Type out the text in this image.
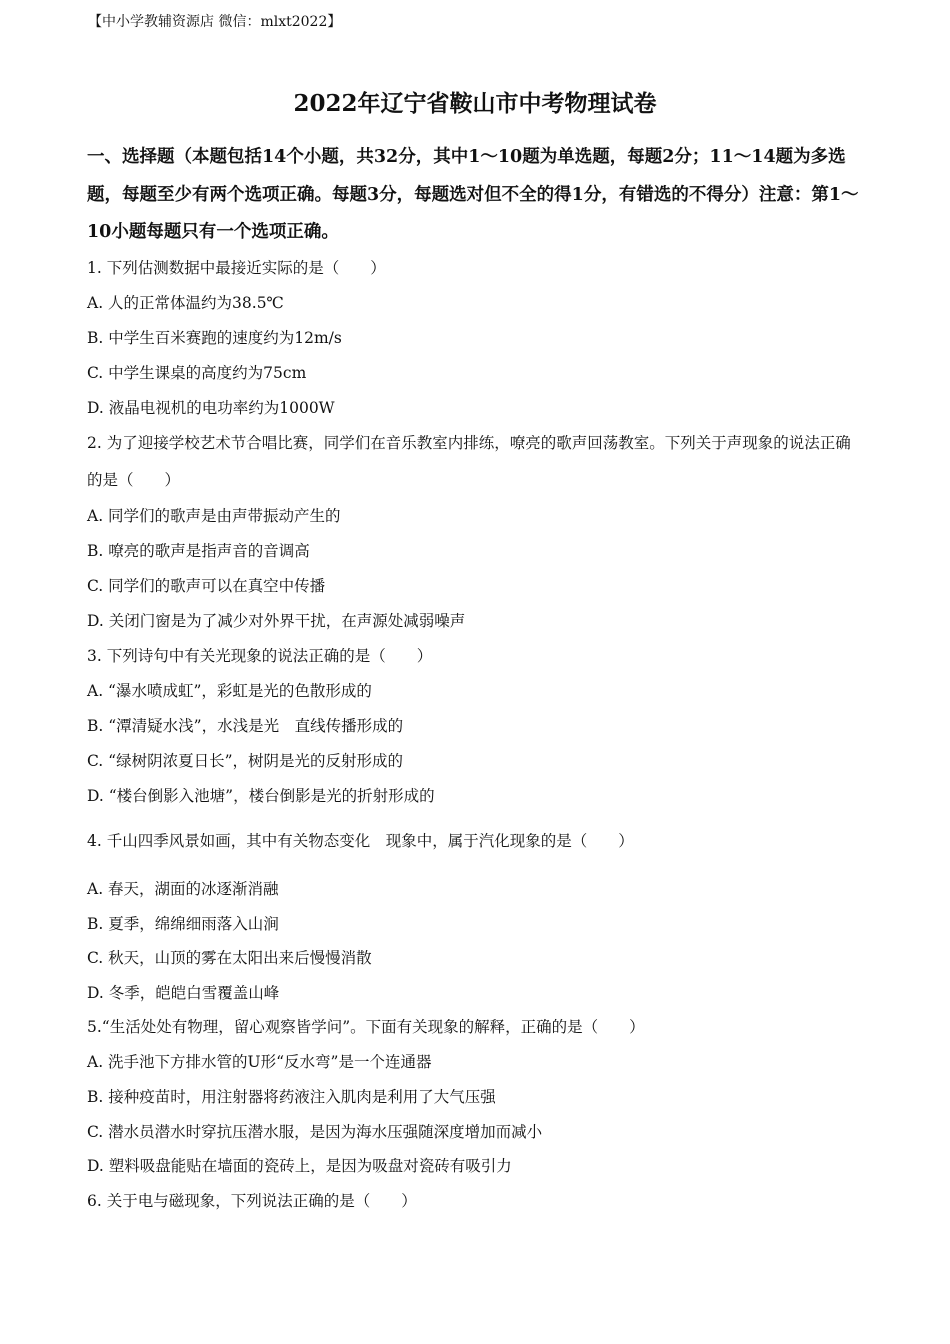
【中小学教辅资源店 微信：mlxt2022】
2022年辽宁省鞍山市中考物理试卷
一、选择题（本题包括14个小题，共32分，其中1～10题为单选题，每题2分；11～14题为多选题，每题至少有两个选项正确。每题3分，每题选对但不全的得1分，有错选的不得分）注意：第1～10小题每题只有一个选项正确。
1. 下列估测数据中最接近实际的是（　　）
A. 人的正常体温约为38.5℃
B. 中学生百米赛跑的速度约为12m/s
C. 中学生课桌的高度约为75cm
D. 液晶电视机的电功率约为1000W
2. 为了迎接学校艺术节合唱比赛，同学们在音乐教室内排练，嘹亮的歌声回荡教室。下列关于声现象的说法正确的是（　　）
A. 同学们的歌声是由声带振动产生的
B. 嘹亮的歌声是指声音的音调高
C. 同学们的歌声可以在真空中传播
D. 关闭门窗是为了减少对外界干扰，在声源处减弱噪声
3. 下列诗句中有关光现象的说法正确的是（　　）
A. “瀑水喷成虹”，彩虹是光的色散形成的
B. “潭清疑水浅”，水浅是光　直线传播形成的
C. “绿树阴浓夏日长”，树阴是光的反射形成的
D. “楼台倒影入池塘”，楼台倒影是光的折射形成的
4. 千山四季风景如画，其中有关物态变化　现象中，属于汽化现象的是（　　）
A. 春天，湖面的冰逐渐消融
B. 夏季，绵绵细雨落入山涧
C. 秋天，山顶的雾在太阳出来后慢慢消散
D. 冬季，皑皑白雪覆盖山峰
5.“生活处处有物理，留心观察皆学问”。下面有关现象的解释，正确的是（　　）
A. 洗手池下方排水管的U形“反水弯”是一个连通器
B. 接种疫苗时，用注射器将药液注入肌肉是利用了大气压强
C. 潜水员潜水时穿抗压潜水服，是因为海水压强随深度增加而减小
D. 塑料吸盘能贴在墙面的瓷砖上，是因为吸盘对瓷砖有吸引力
6. 关于电与磁现象，下列说法正确的是（　　）
